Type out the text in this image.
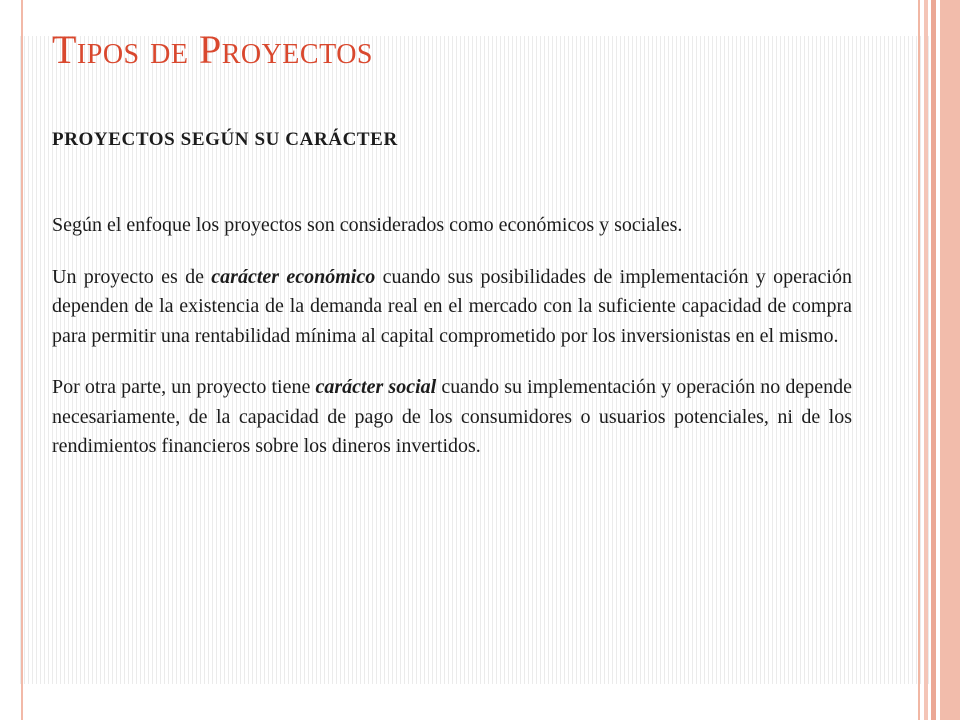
Tipos de Proyectos
PROYECTOS SEGÚN SU CARÁCTER

Según el enfoque los proyectos son considerados como económicos y sociales.

Un proyecto es de carácter económico cuando sus posibilidades de implementación y operación dependen de la existencia de la demanda real en el mercado con la suficiente capacidad de compra para permitir una rentabilidad mínima al capital comprometido por los inversionistas en el mismo.

Por otra parte, un proyecto tiene carácter social cuando su implementación y operación no depende necesariamente, de la capacidad de pago de los consumidores o usuarios potenciales, ni de los rendimientos financieros sobre los dineros invertidos.
